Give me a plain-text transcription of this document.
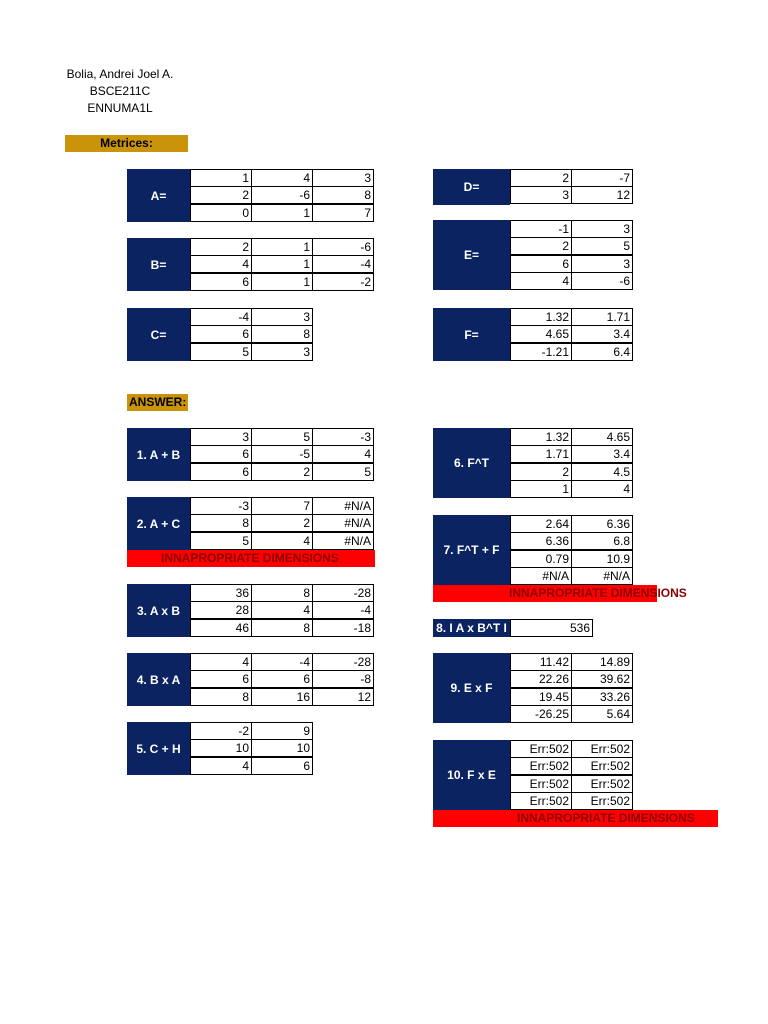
Bolia, Andrei Joel A.
BSCE211C
ENNUMA1L
Metrices:
ANSWER:
A=
1	4	3
2	-6	8
0	1	7
B=
2	1	-6
4	1	-4
6	1	-2
C=
-4	3
6	8
5	3
D=
2	-7
3	12
E=
-1	3
2	5
6	3
4	-6
F=
1.32	1.71
4.65	3.4
-1.21	6.4
1. A + B
3	5	-3
6	-5	4
6	2	5
2. A + C
-3	7	#N/A
8	2	#N/A
5	4	#N/A
INNAPROPRIATE DIMENSIONS
3. A x B
36	8	-28
28	4	-4
46	8	-18
4. B x A
4	-4	-28
6	6	-8
8	16	12
5. C + H
-2	9
10	10
4	6
6. F^T
1.32	4.65
1.71	3.4
2	4.5
1	4
7. F^T + F
2.64	6.36
6.36	6.8
0.79	10.9
#N/A	#N/A
INNAPROPRIATE DIMENSIONS
8. I A x B^T I	536
9. E x F
11.42	14.89
22.26	39.62
19.45	33.26
-26.25	5.64
10. F x E
Err:502	Err:502
Err:502	Err:502
Err:502	Err:502
Err:502	Err:502
INNAPROPRIATE DIMENSIONS
